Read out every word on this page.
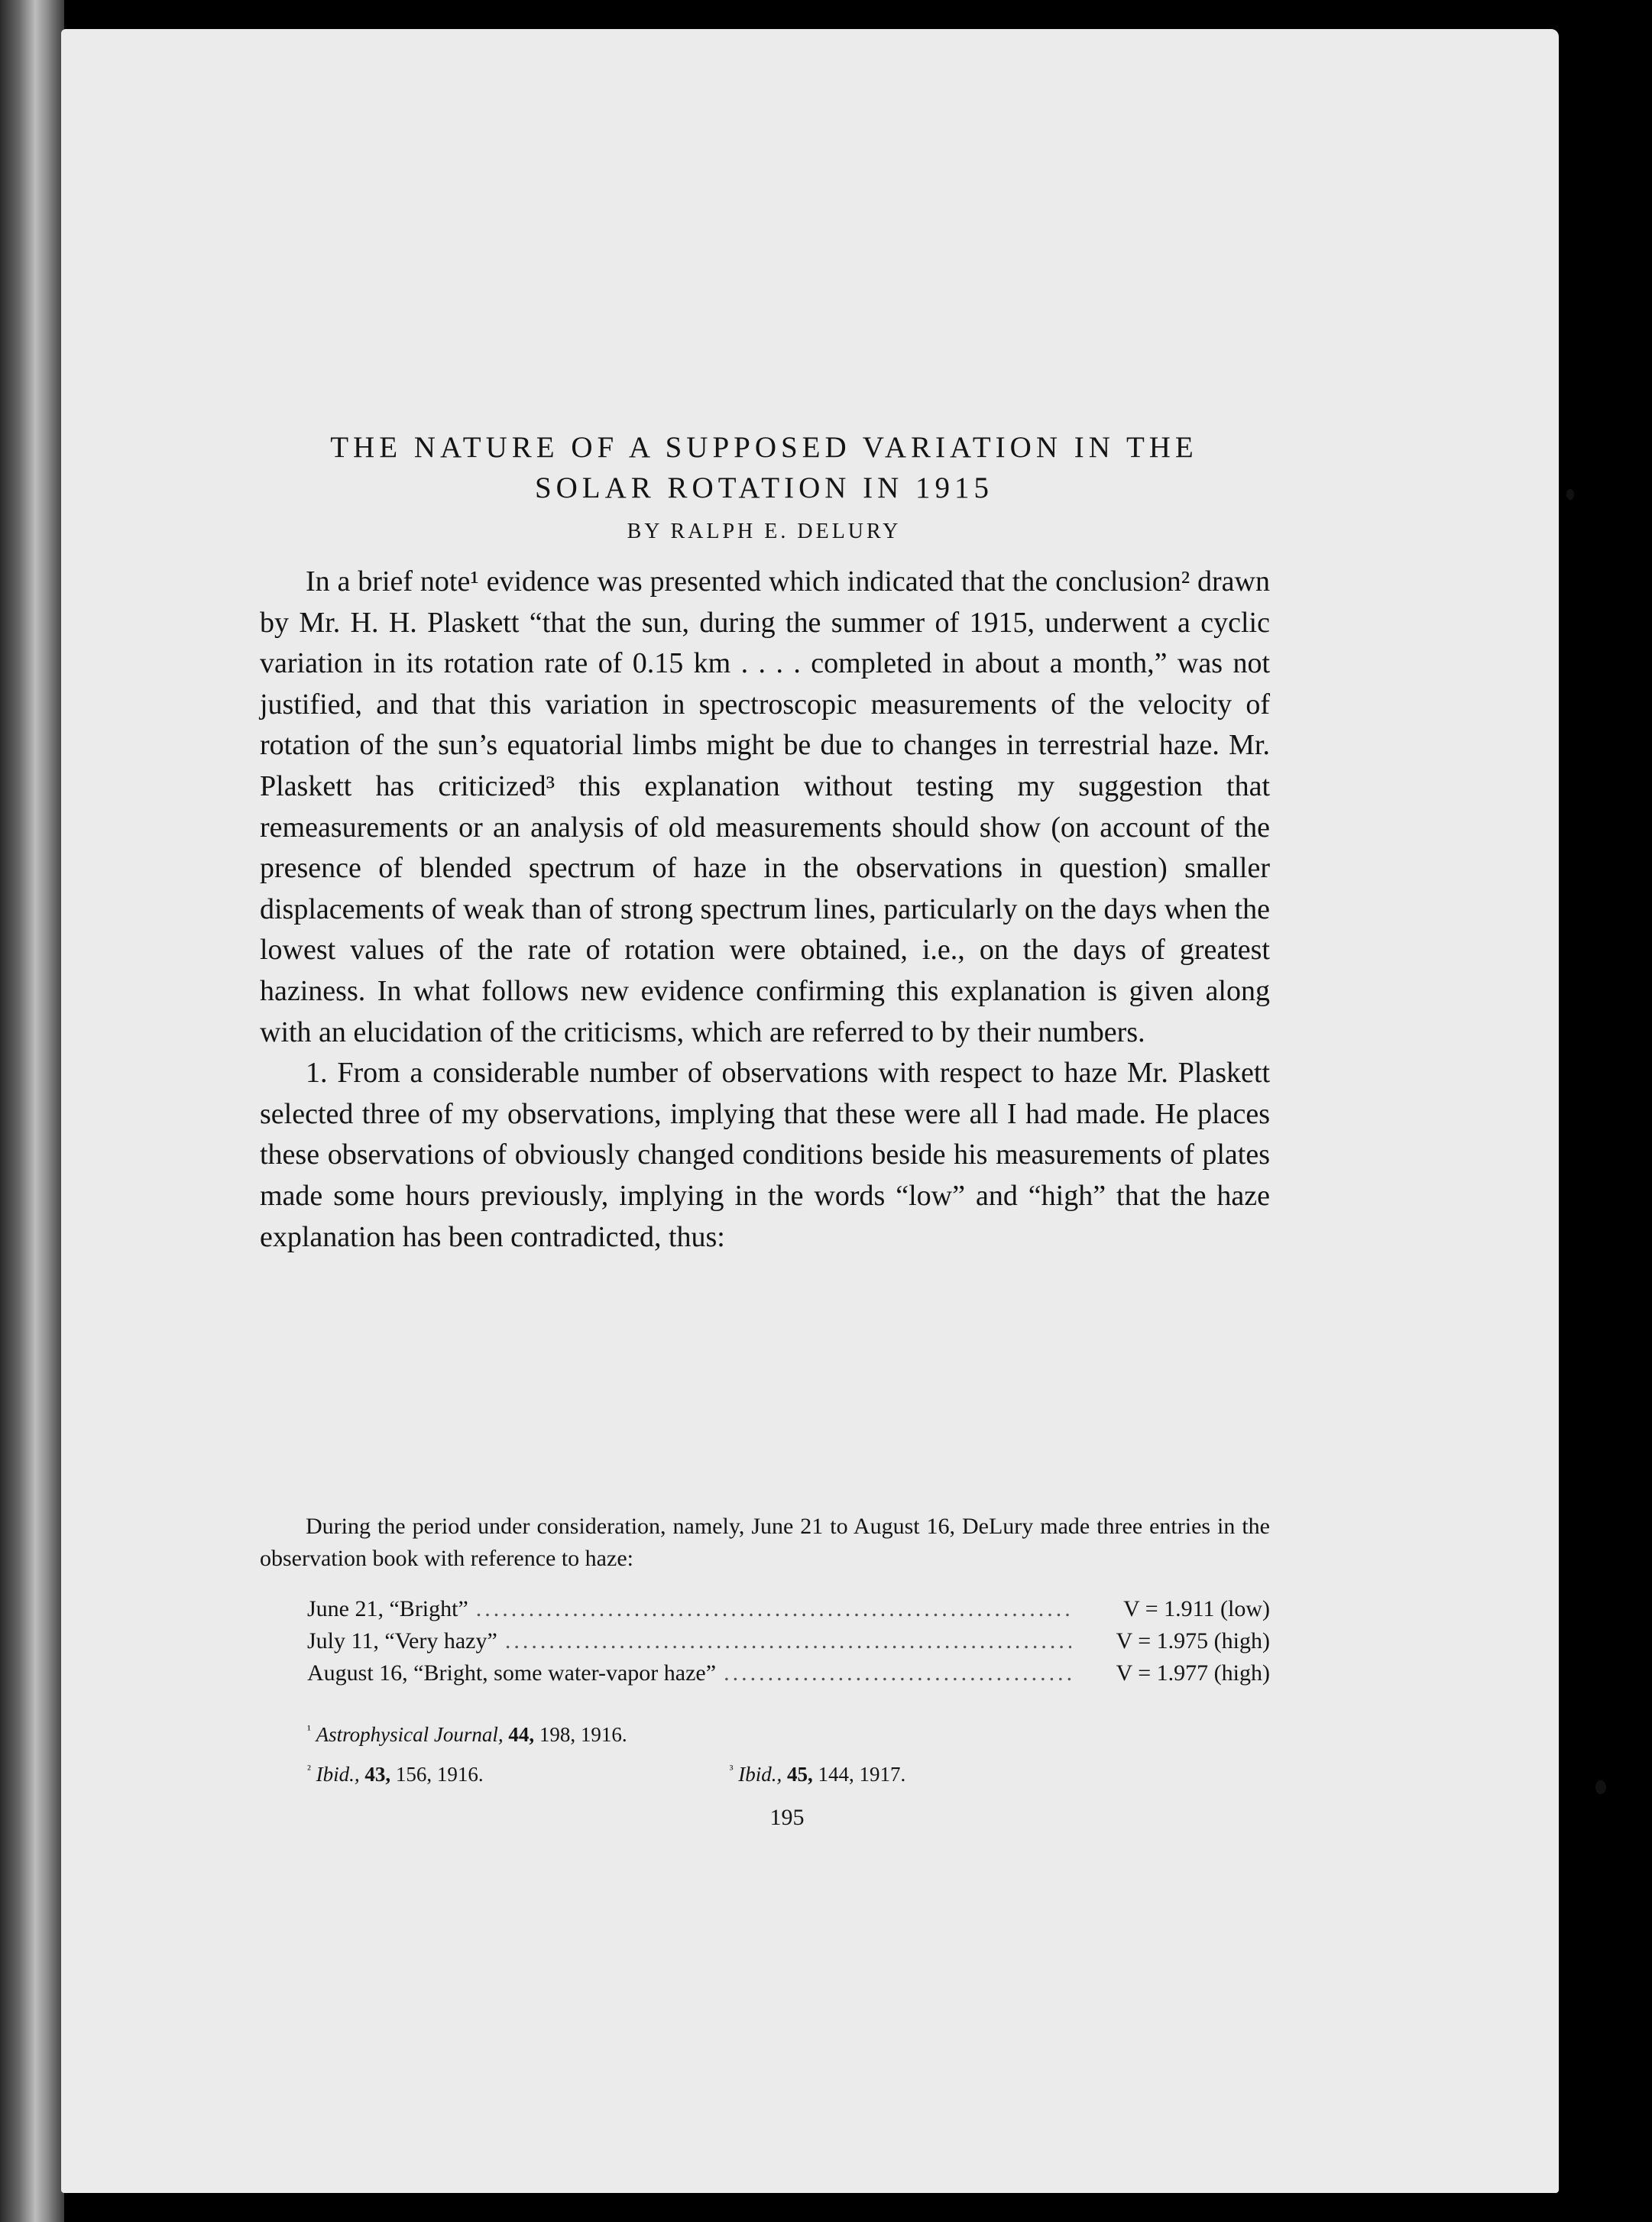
THE NATURE OF A SUPPOSED VARIATION IN THE
SOLAR ROTATION IN 1915
BY RALPH E. DELURY

In a brief note¹ evidence was presented which indicated that the conclusion² drawn by Mr. H. H. Plaskett “that the sun, during the summer of 1915, underwent a cyclic variation in its rotation rate of 0.15 km . . . . completed in about a month,” was not justified, and that this variation in spectroscopic measurements of the velocity of rotation of the sun’s equatorial limbs might be due to changes in terrestrial haze. Mr. Plaskett has criticized³ this explanation without testing my suggestion that remeasurements or an analysis of old measurements should show (on account of the presence of blended spectrum of haze in the observations in question) smaller displacements of weak than of strong spectrum lines, particularly on the days when the lowest values of the rate of rotation were obtained, i.e., on the days of greatest haziness. In what follows new evidence confirming this explanation is given along with an elucidation of the criticisms, which are referred to by their numbers.

1. From a considerable number of observations with respect to haze Mr. Plaskett selected three of my observations, implying that these were all I had made. He places these observations of obviously changed conditions beside his measurements of plates made some hours previously, implying in the words “low” and “high” that the haze explanation has been contradicted, thus:

During the period under consideration, namely, June 21 to August 16, DeLury made three entries in the observation book with reference to haze:

June 21, “Bright” .....	V = 1.911 (low)
July 11, “Very hazy” .....	V = 1.975 (high)
August 16, “Bright, some water-vapor haze” .....	V = 1.977 (high)
$^{^1}$ Astrophysical Journal, 44, 198, 1916.
$^{^2}$ Ibid., 43, 156, 1916.	$^{^3}$ Ibid., 45, 144, 1917.
195
